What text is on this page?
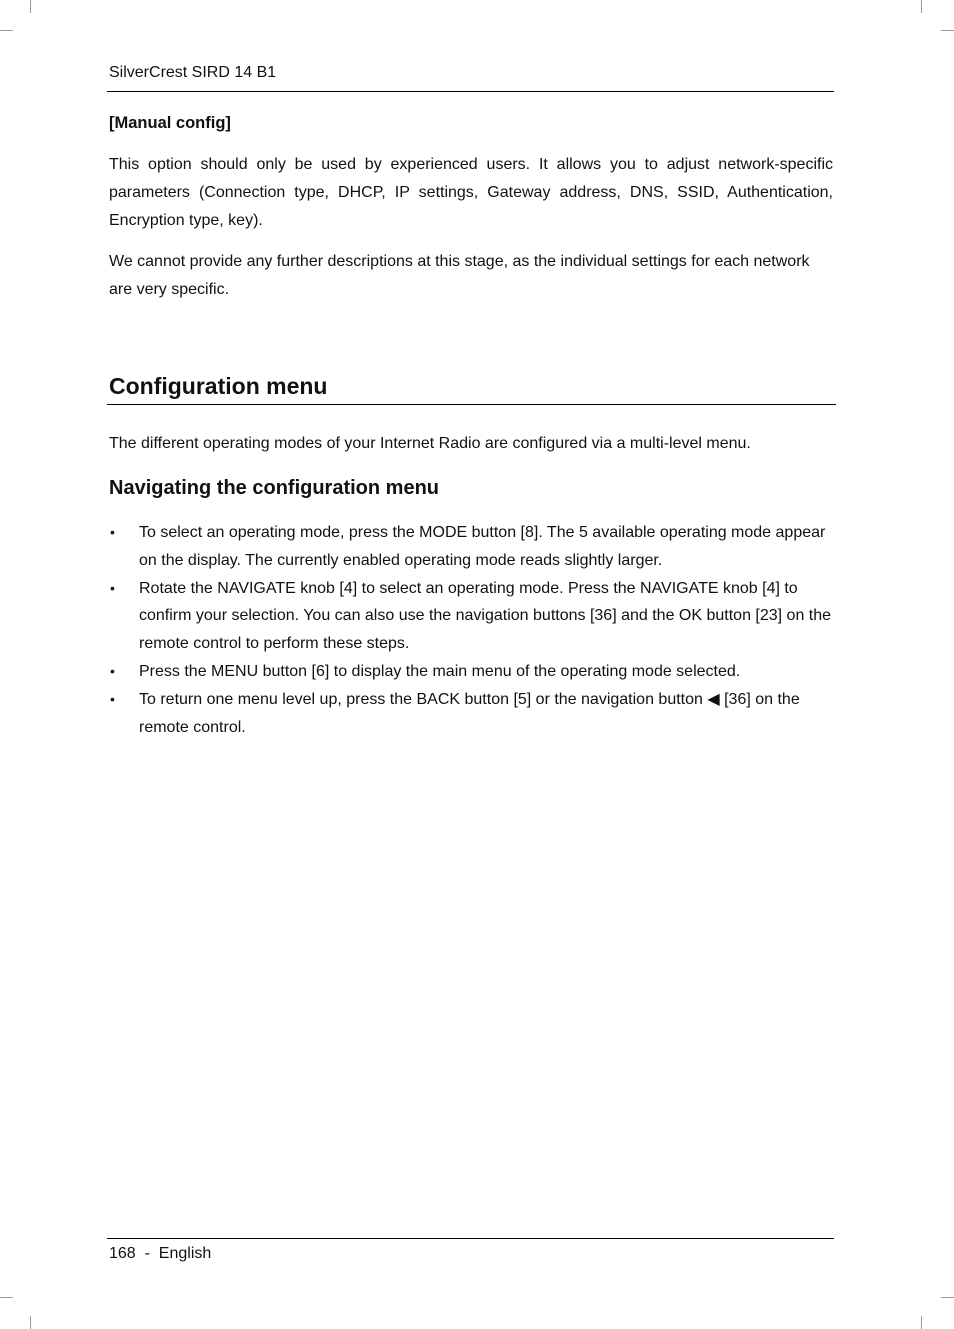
SilverCrest SIRD 14 B1
[Manual config]

This option should only be used by experienced users. It allows you to adjust network-specific parameters (Connection type, DHCP, IP settings, Gateway address, DNS, SSID, Authentication, Encryption type, key).

We cannot provide any further descriptions at this stage, as the individual settings for each network are very specific.

Configuration menu

The different operating modes of your Internet Radio are configured via a multi-level menu.

Navigating the configuration menu
• To select an operating mode, press the MODE button [8]. The 5 available operating mode appear on the display. The currently enabled operating mode reads slightly larger.
• Rotate the NAVIGATE knob [4] to select an operating mode. Press the NAVIGATE knob [4] to confirm your selection. You can also use the navigation buttons [36] and the OK button [23] on the remote control to perform these steps.
• Press the MENU button [6] to display the main menu of the operating mode selected.
• To return one menu level up, press the BACK button [5] or the navigation button ◀ [36] on the remote control.
168  -  English
